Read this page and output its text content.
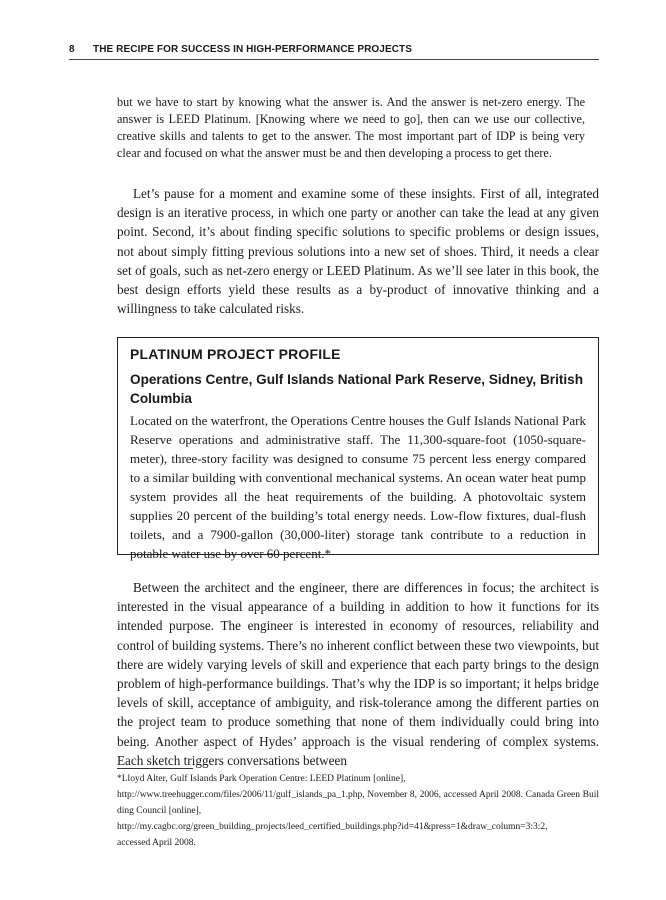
8 THE RECIPE FOR SUCCESS IN HIGH-PERFORMANCE PROJECTS
but we have to start by knowing what the answer is. And the answer is net-zero energy. The answer is LEED Platinum. [Knowing where we need to go], then can we use our collective, creative skills and talents to get to the answer. The most important part of IDP is being very clear and focused on what the answer must be and then developing a process to get there.
Let’s pause for a moment and examine some of these insights. First of all, integrated design is an iterative process, in which one party or another can take the lead at any given point. Second, it’s about finding specific solutions to specific problems or design issues, not about simply fitting previous solutions into a new set of shoes. Third, it needs a clear set of goals, such as net-zero energy or LEED Platinum. As we’ll see later in this book, the best design efforts yield these results as a by-product of innovative thinking and a willingness to take calculated risks.
PLATINUM PROJECT PROFILE
Operations Centre, Gulf Islands National Park Reserve, Sidney, British Columbia

Located on the waterfront, the Operations Centre houses the Gulf Islands National Park Reserve operations and administrative staff. The 11,300-square-foot (1050-square-meter), three-story facility was designed to consume 75 percent less energy compared to a similar building with conventional mechanical systems. An ocean water heat pump system provides all the heat requirements of the building. A photovoltaic system supplies 20 percent of the building’s total energy needs. Low-flow fixtures, dual-flush toilets, and a 7900-gallon (30,000-liter) storage tank contribute to a reduction in potable water use by over 60 percent.*

Between the architect and the engineer, there are differences in focus; the architect is interested in the visual appearance of a building in addition to how it functions for its intended purpose. The engineer is interested in economy of resources, reliability and control of building systems. There’s no inherent conflict between these two viewpoints, but there are widely varying levels of skill and experience that each party brings to the design problem of high-performance buildings. That’s why the IDP is so important; it helps bridge levels of skill, acceptance of ambiguity, and risk-tolerance among the different parties on the project team to produce something that none of them individually could bring into being. Another aspect of Hydes’ approach is the visual rendering of complex systems. Each sketch triggers conversations between
*Lloyd Alter, Gulf Islands Park Operation Centre: LEED Platinum [online],
http://www.treehugger.com/files/2006/11/gulf_islands_pa_1.php, November 8, 2006, accessed April 2008. Canada Green Building Council [online],
http://my.cagbc.org/green_building_projects/leed_certified_buildings.php?id=41&press=1&draw_column=3:3:2,
accessed April 2008.
